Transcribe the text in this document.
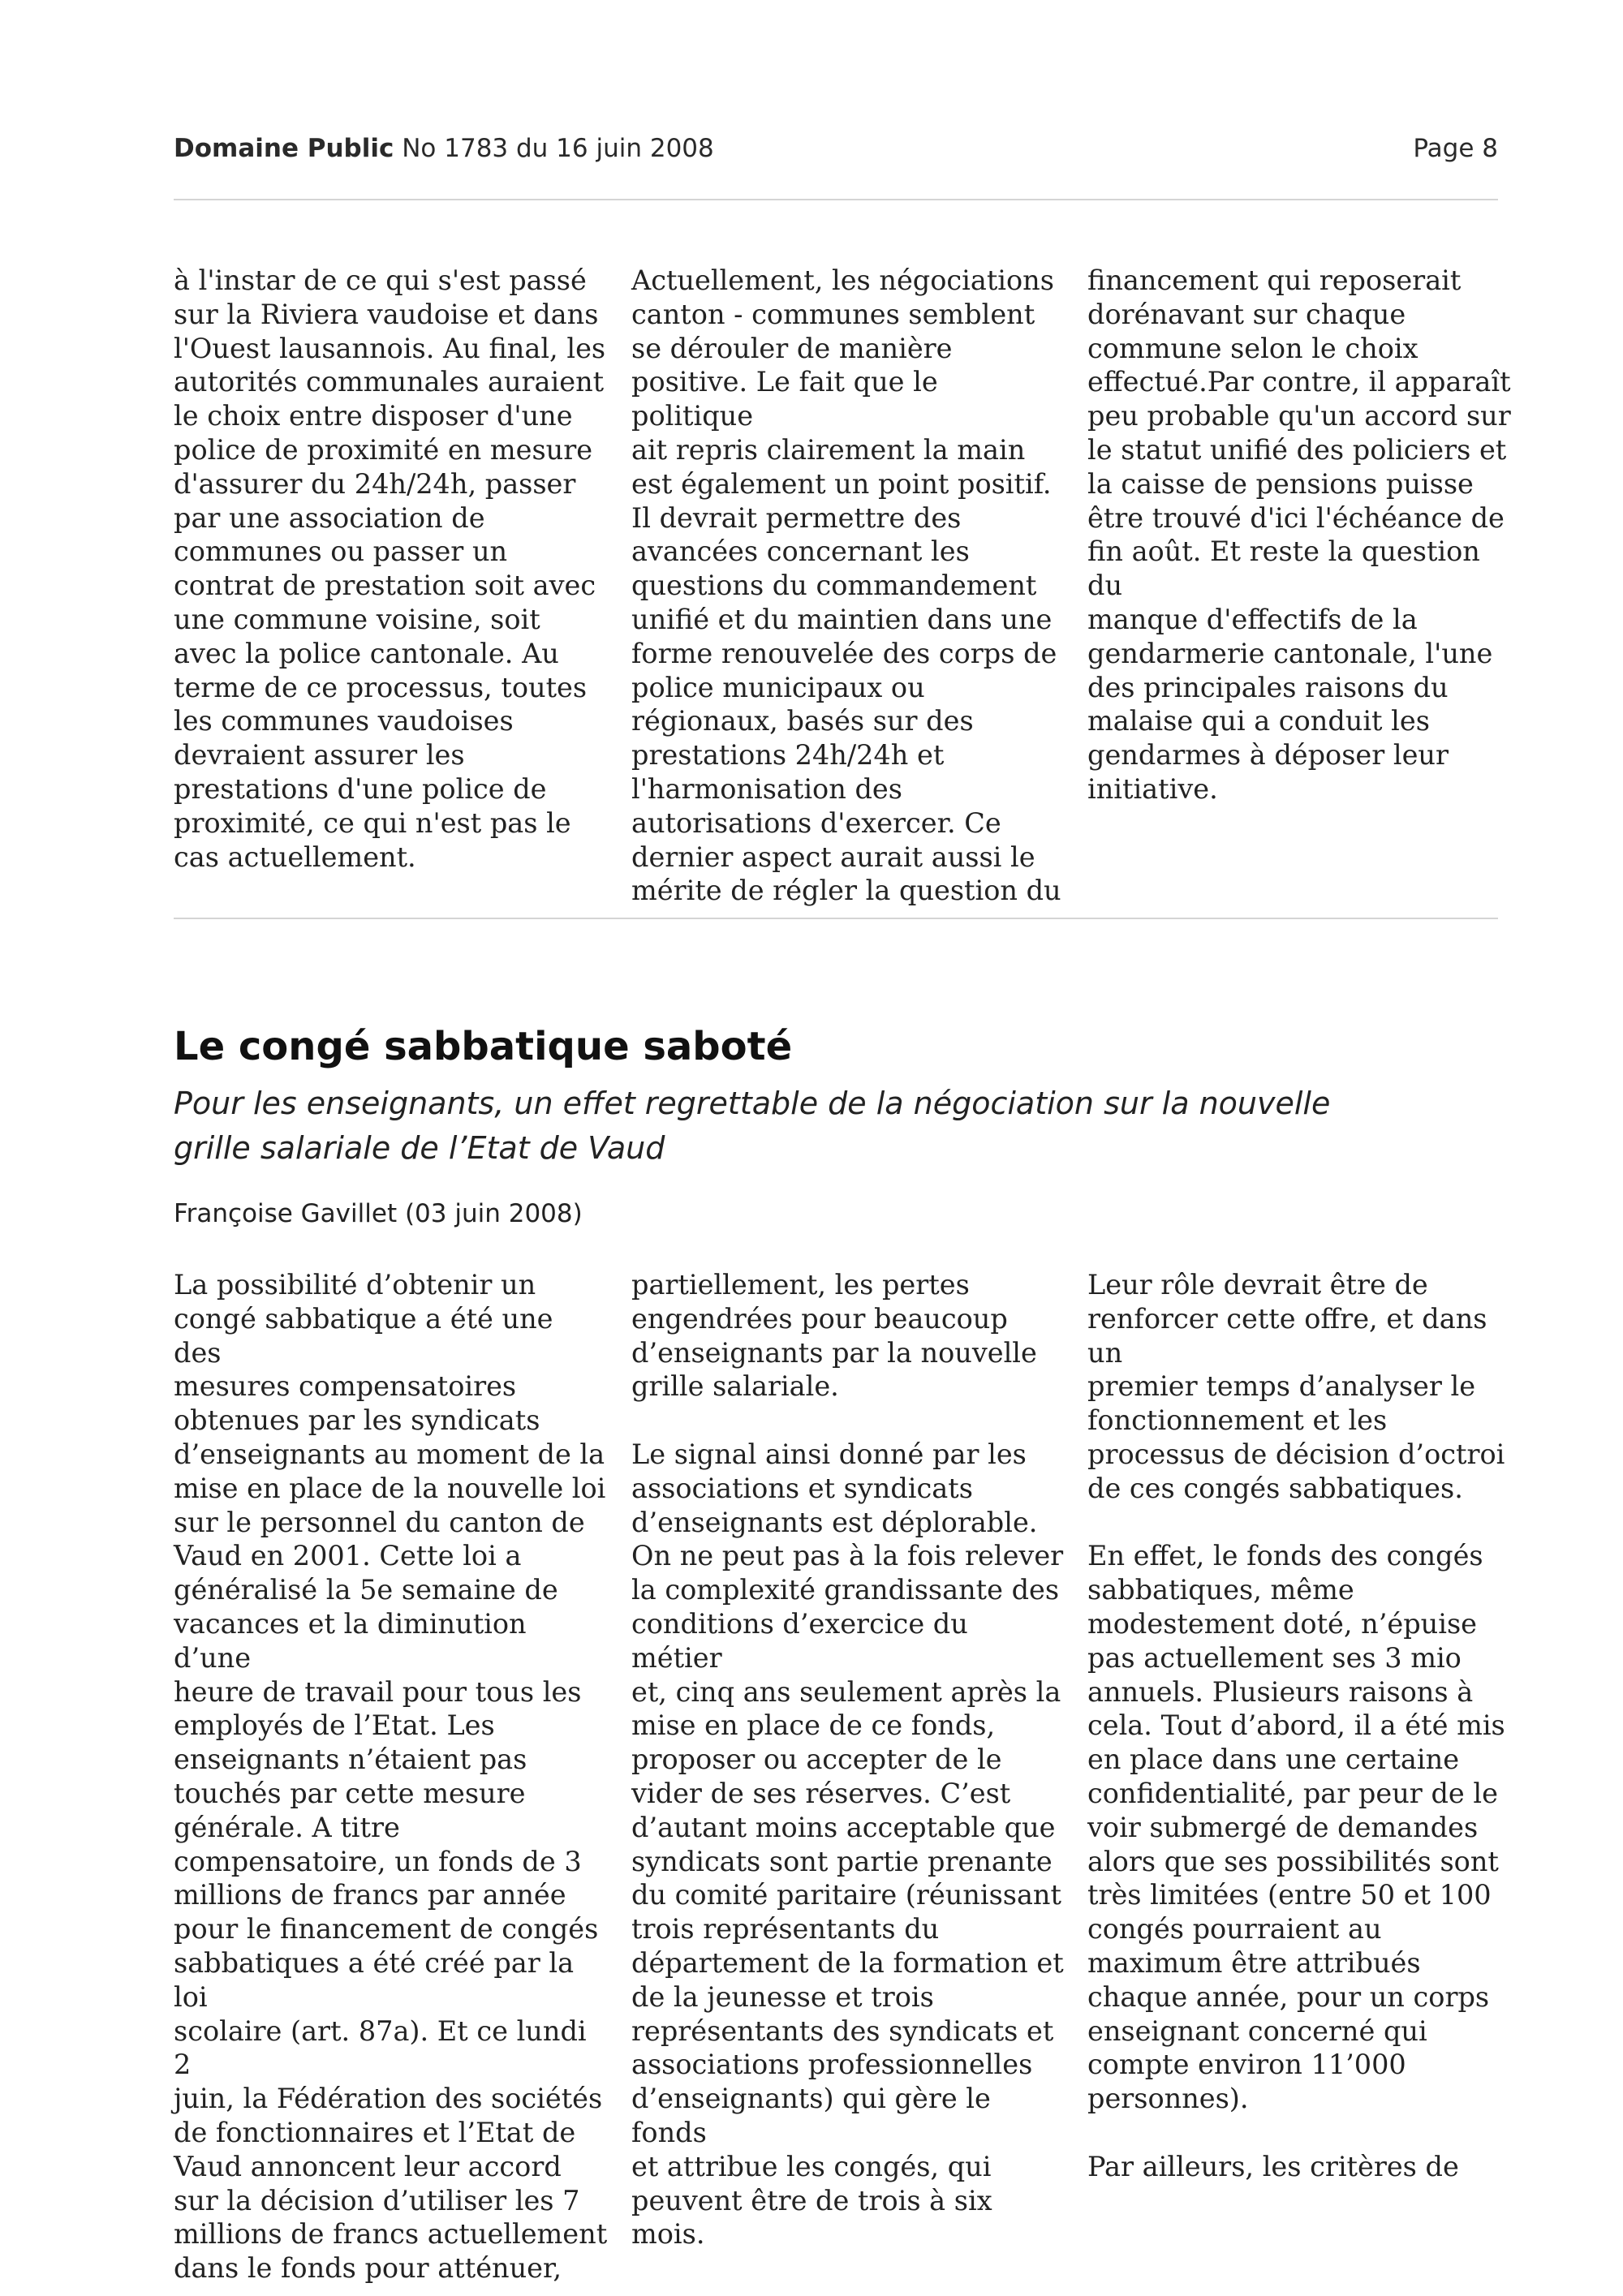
Domaine Public No 1783 du 16 juin 2008	Page 8
à l'instar de ce qui s'est passé
sur la Riviera vaudoise et dans
l'Ouest lausannois. Au final, les
autorités communales auraient
le choix entre disposer d'une
police de proximité en mesure
d'assurer du 24h/24h, passer
par une association de
communes ou passer un
contrat de prestation soit avec
une commune voisine, soit
avec la police cantonale. Au
terme de ce processus, toutes
les communes vaudoises
devraient assurer les
prestations d'une police de
proximité, ce qui n'est pas le
cas actuellement.
Actuellement, les négociations
canton - communes semblent
se dérouler de manière
positive. Le fait que le politique
ait repris clairement la main
est également un point positif.
Il devrait permettre des
avancées concernant les
questions du commandement
unifié et du maintien dans une
forme renouvelée des corps de
police municipaux ou
régionaux, basés sur des
prestations 24h/24h et
l'harmonisation des
autorisations d'exercer. Ce
dernier aspect aurait aussi le
mérite de régler la question du
financement qui reposerait
dorénavant sur chaque
commune selon le choix
effectué.Par contre, il apparaît
peu probable qu'un accord sur
le statut unifié des policiers et
la caisse de pensions puisse
être trouvé d'ici l'échéance de
fin août. Et reste la question du
manque d'effectifs de la
gendarmerie cantonale, l'une
des principales raisons du
malaise qui a conduit les
gendarmes à déposer leur
initiative.
Le congé sabbatique saboté
Pour les enseignants, un effet regrettable de la négociation sur la nouvelle
grille salariale de l’Etat de Vaud
Françoise Gavillet (03 juin 2008)
La possibilité d’obtenir un
congé sabbatique a été une des
mesures compensatoires
obtenues par les syndicats
d’enseignants au moment de la
mise en place de la nouvelle loi
sur le personnel du canton de
Vaud en 2001. Cette loi a
généralisé la 5e semaine de
vacances et la diminution d’une
heure de travail pour tous les
employés de l’Etat. Les
enseignants n’étaient pas
touchés par cette mesure
générale. A titre
compensatoire, un fonds de 3
millions de francs par année
pour le financement de congés
sabbatiques a été créé par la loi
scolaire (art. 87a). Et ce lundi 2
juin, la Fédération des sociétés
de fonctionnaires et l’Etat de
Vaud annoncent leur accord
sur la décision d’utiliser les 7
millions de francs actuellement
dans le fonds pour atténuer,
partiellement, les pertes
engendrées pour beaucoup
d’enseignants par la nouvelle
grille salariale.

Le signal ainsi donné par les
associations et syndicats
d’enseignants est déplorable.
On ne peut pas à la fois relever
la complexité grandissante des
conditions d’exercice du métier
et, cinq ans seulement après la
mise en place de ce fonds,
proposer ou accepter de le
vider de ses réserves. C’est
d’autant moins acceptable que
syndicats sont partie prenante
du comité paritaire (réunissant
trois représentants du
département de la formation et
de la jeunesse et trois
représentants des syndicats et
associations professionnelles
d’enseignants) qui gère le fonds
et attribue les congés, qui
peuvent être de trois à six mois.
Leur rôle devrait être de
renforcer cette offre, et dans un
premier temps d’analyser le
fonctionnement et les
processus de décision d’octroi
de ces congés sabbatiques.

En effet, le fonds des congés
sabbatiques, même
modestement doté, n’épuise
pas actuellement ses 3 mio
annuels. Plusieurs raisons à
cela. Tout d’abord, il a été mis
en place dans une certaine
confidentialité, par peur de le
voir submergé de demandes
alors que ses possibilités sont
très limitées (entre 50 et 100
congés pourraient au
maximum être attribués
chaque année, pour un corps
enseignant concerné qui
compte environ 11’000
personnes).

Par ailleurs, les critères de
